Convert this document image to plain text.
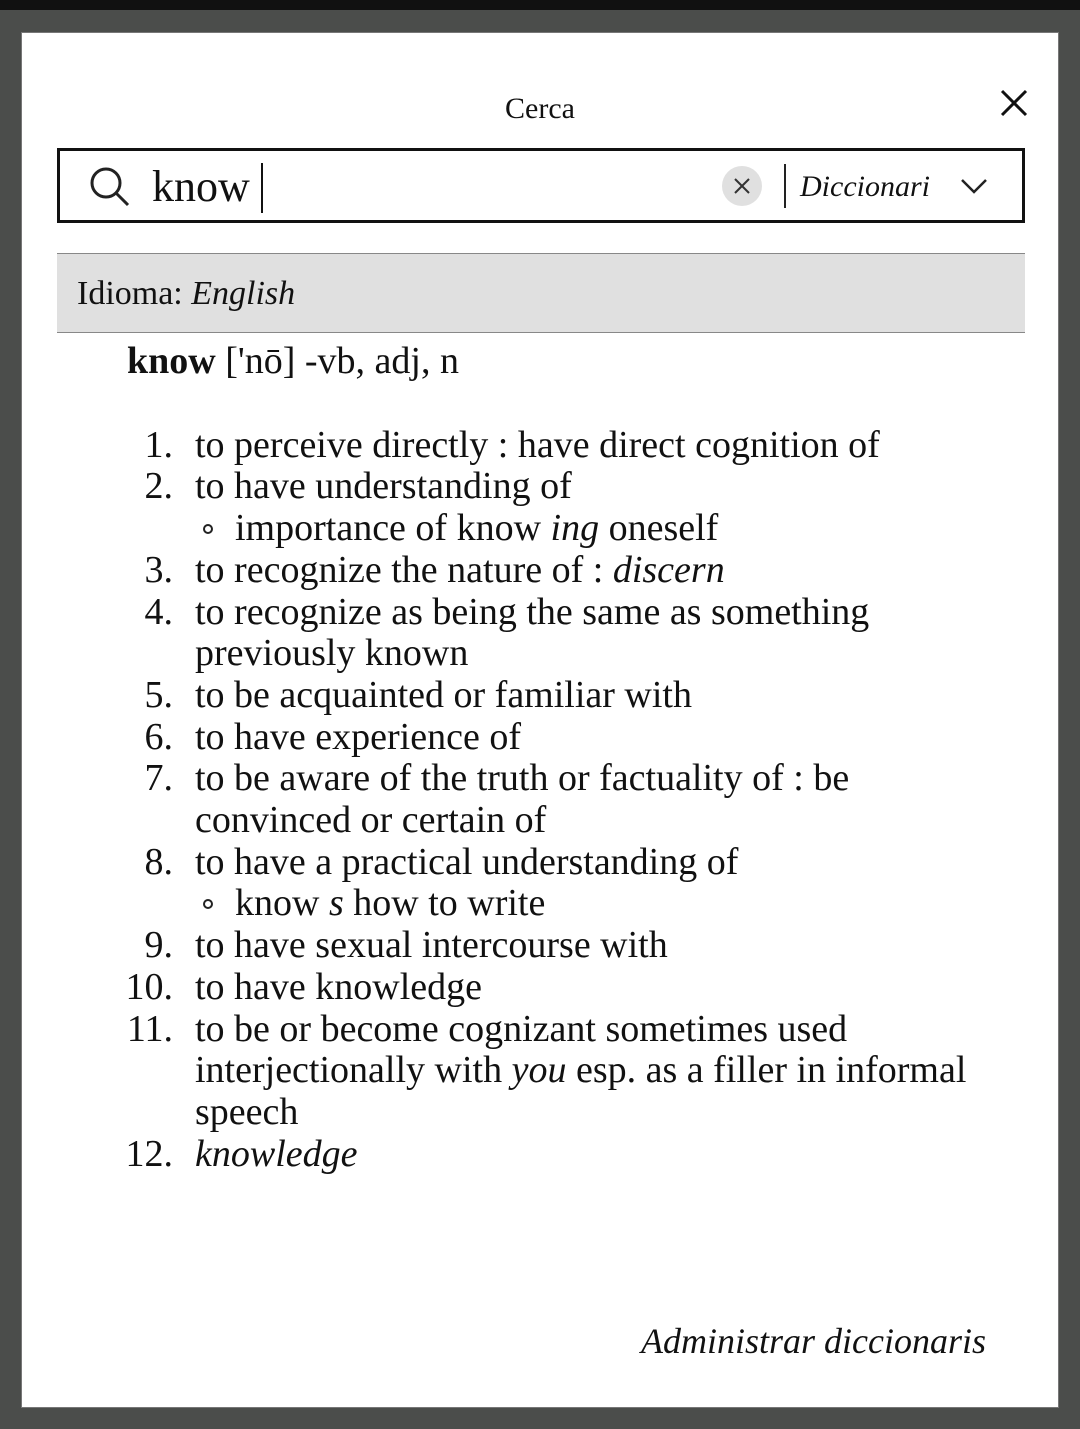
Cerca
know	Diccionari
Idioma: English
know ['nō] -vb, adj, n
1. to perceive directly : have direct cognition of
2. to have understanding of
importance of know ing oneself
3. to recognize the nature of : discern
4. to recognize as being the same as something previously known
5. to be acquainted or familiar with
6. to have experience of
7. to be aware of the truth or factuality of : be convinced or certain of
8. to have a practical understanding of
know s how to write
9. to have sexual intercourse with
10. to have knowledge
11. to be or become cognizant sometimes used interjectionally with you esp. as a filler in informal speech
12. knowledge
Administrar diccionaris
